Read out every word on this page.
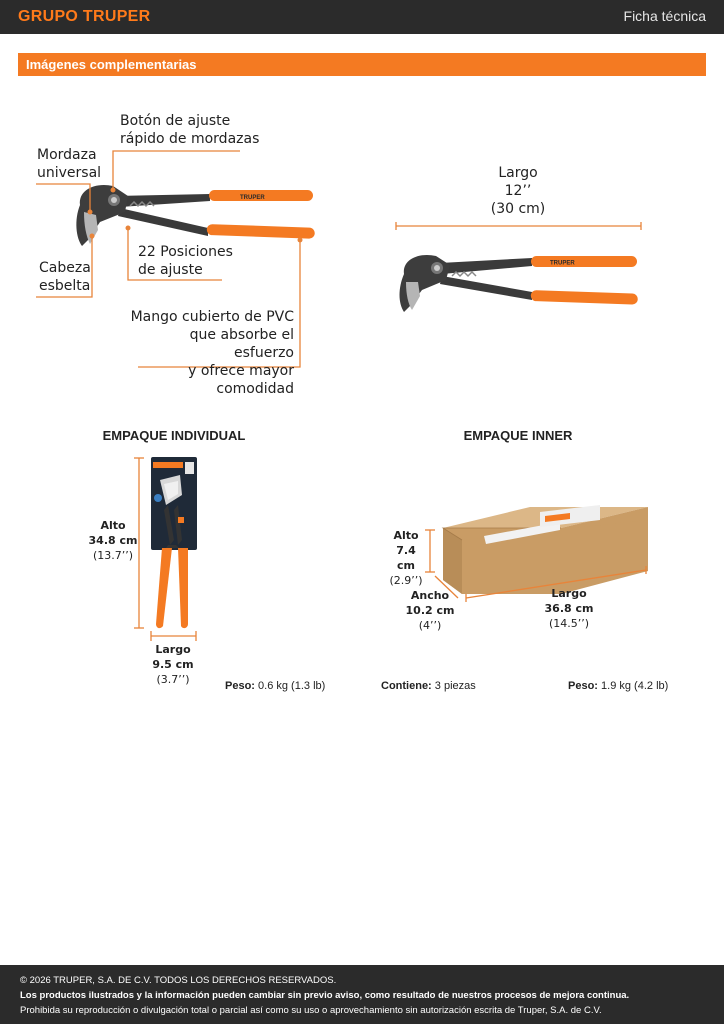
GRUPO TRUPER	Ficha técnica
Imágenes complementarias
TRUPER
TRUPER
Botón de ajuste
rápido de mordazas
Mordaza
universal
Cabeza
esbelta
22 Posiciones
de ajuste
Mango cubierto de PVC
que absorbe el esfuerzo
y ofrece mayor comodidad
Largo
12’’
(30 cm)
EMPAQUE INDIVIDUAL	EMPAQUE INNER
Alto
34.8 cm
(13.7’’)
Largo
9.5 cm
(3.7’’)	Peso: 0.6 kg (1.3 lb)
Alto
7.4 cm
(2.9’’)
Ancho
10.2 cm
(4’’)
Largo
36.8 cm
(14.5’’)
Contiene: 3 piezas	Peso: 1.9 kg (4.2 lb)
© 2026 TRUPER, S.A. DE C.V. TODOS LOS DERECHOS RESERVADOS.
Los productos ilustrados y la información pueden cambiar sin previo aviso, como resultado de nuestros procesos de mejora continua.
Prohibida su reproducción o divulgación total o parcial así como su uso o aprovechamiento sin autorización escrita de Truper, S.A. de C.V.
